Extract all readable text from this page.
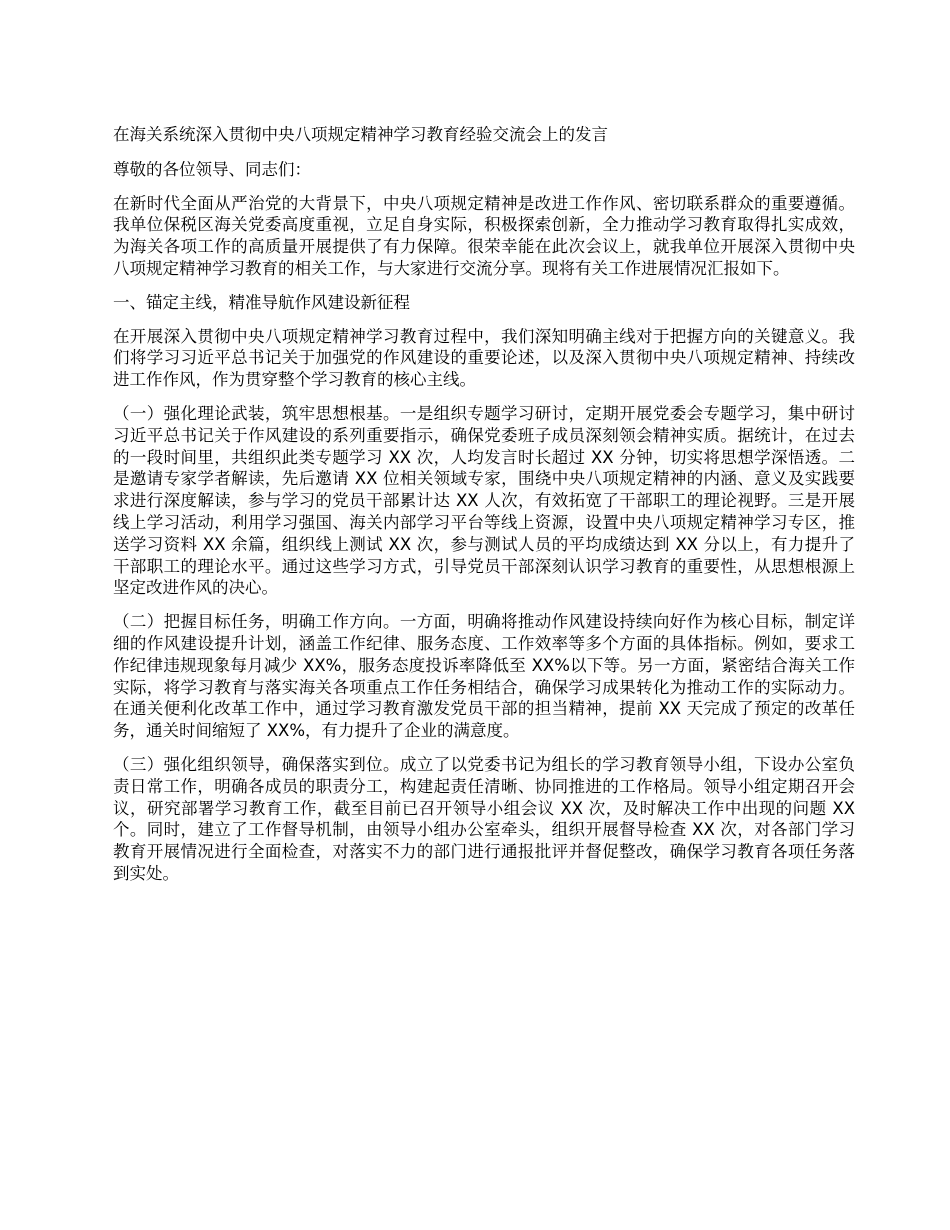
在海关系统深入贯彻中央八项规定精神学习教育经验交流会上的发言

尊敬的各位领导、同志们：

在新时代全面从严治党的大背景下，中央八项规定精神是改进工作作风、密切联系群众的重要遵循。我单位保税区海关党委高度重视，立足自身实际，积极探索创新，全力推动学习教育取得扎实成效，为海关各项工作的高质量开展提供了有力保障。很荣幸能在此次会议上，就我单位开展深入贯彻中央八项规定精神学习教育的相关工作，与大家进行交流分享。现将有关工作进展情况汇报如下。

一、锚定主线，精准导航作风建设新征程

在开展深入贯彻中央八项规定精神学习教育过程中，我们深知明确主线对于把握方向的关键意义。我们将学习习近平总书记关于加强党的作风建设的重要论述，以及深入贯彻中央八项规定精神、持续改进工作作风，作为贯穿整个学习教育的核心主线。

（一）强化理论武装，筑牢思想根基。一是组织专题学习研讨，定期开展党委会专题学习，集中研讨习近平总书记关于作风建设的系列重要指示，确保党委班子成员深刻领会精神实质。据统计，在过去的一段时间里，共组织此类专题学习 XX 次，人均发言时长超过 XX 分钟，切实将思想学深悟透。二是邀请专家学者解读，先后邀请 XX 位相关领域专家，围绕中央八项规定精神的内涵、意义及实践要求进行深度解读，参与学习的党员干部累计达 XX 人次，有效拓宽了干部职工的理论视野。三是开展线上学习活动，利用学习强国、海关内部学习平台等线上资源，设置中央八项规定精神学习专区，推送学习资料 XX 余篇，组织线上测试 XX 次，参与测试人员的平均成绩达到 XX 分以上，有力提升了干部职工的理论水平。通过这些学习方式，引导党员干部深刻认识学习教育的重要性，从思想根源上坚定改进作风的决心。

（二）把握目标任务，明确工作方向。一方面，明确将推动作风建设持续向好作为核心目标，制定详细的作风建设提升计划，涵盖工作纪律、服务态度、工作效率等多个方面的具体指标。例如，要求工作纪律违规现象每月减少 XX%，服务态度投诉率降低至 XX%以下等。另一方面，紧密结合海关工作实际，将学习教育与落实海关各项重点工作任务相结合，确保学习成果转化为推动工作的实际动力。在通关便利化改革工作中，通过学习教育激发党员干部的担当精神，提前 XX 天完成了预定的改革任务，通关时间缩短了 XX%，有力提升了企业的满意度。

（三）强化组织领导，确保落实到位。成立了以党委书记为组长的学习教育领导小组，下设办公室负责日常工作，明确各成员的职责分工，构建起责任清晰、协同推进的工作格局。领导小组定期召开会议，研究部署学习教育工作，截至目前已召开领导小组会议 XX 次，及时解决工作中出现的问题 XX 个。同时，建立了工作督导机制，由领导小组办公室牵头，组织开展督导检查 XX 次，对各部门学习教育开展情况进行全面检查，对落实不力的部门进行通报批评并督促整改，确保学习教育各项任务落到实处。
